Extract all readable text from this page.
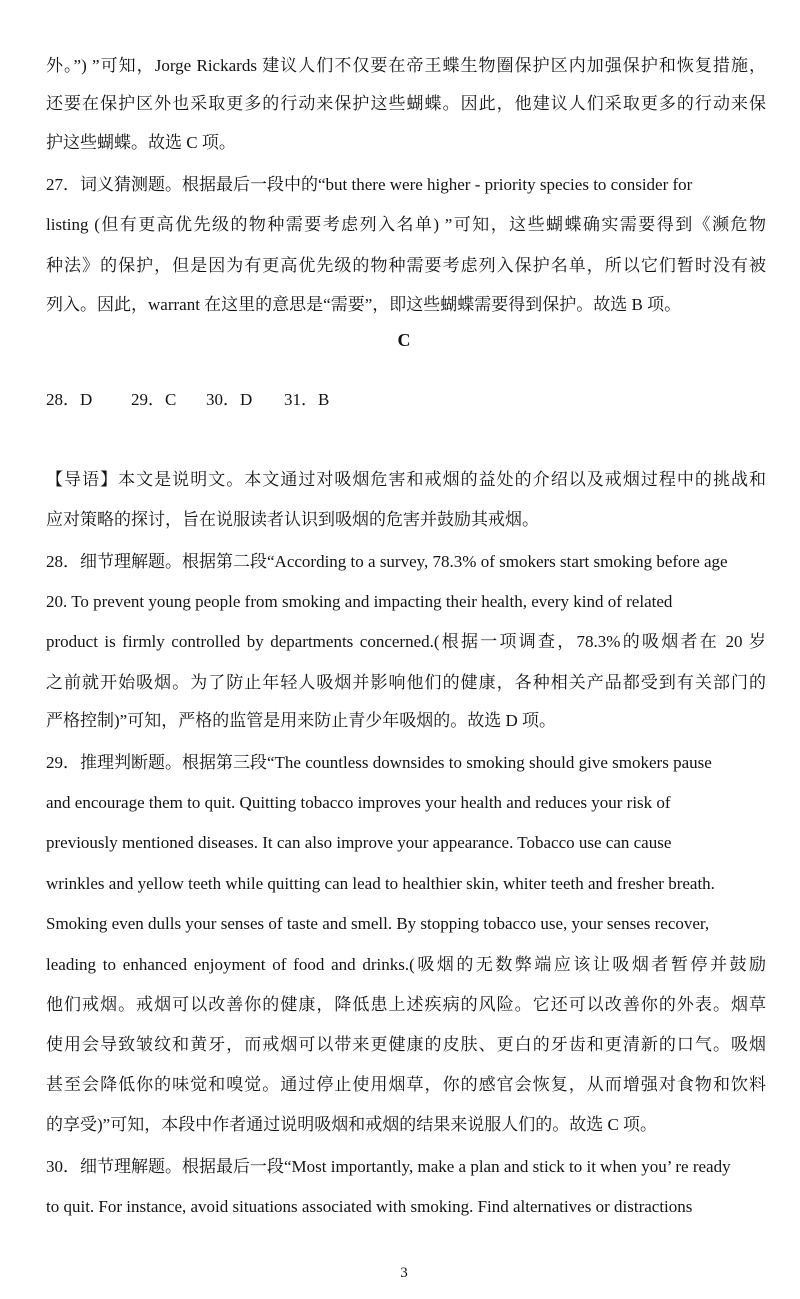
外。”) ”可知，Jorge Rickards 建议人们不仅要在帝王蝶生物圈保护区内加强保护和恢复措施，
还要在保护区外也采取更多的行动来保护这些蝴蝶。因此，他建议人们采取更多的行动来保
护这些蝴蝶。故选 C 项。
27．词义猜测题。根据最后一段中的“but there were higher - priority species to consider for
listing (但有更高优先级的物种需要考虑列入名单) ”可知，这些蝴蝶确实需要得到《濒危物
种法》的保护，但是因为有更高优先级的物种需要考虑列入保护名单，所以它们暂时没有被
列入。因此，warrant 在这里的意思是“需要”，即这些蝴蝶需要得到保护。故选 B 项。
C
28．D 29．C 30．D 31．B
【导语】本文是说明文。本文通过对吸烟危害和戒烟的益处的介绍以及戒烟过程中的挑战和
应对策略的探讨，旨在说服读者认识到吸烟的危害并鼓励其戒烟。
28．细节理解题。根据第二段“According to a survey, 78.3% of smokers start smoking before age
20. To prevent young people from smoking and impacting their health, every kind of related
product is firmly controlled by departments concerned.(根据一项调查，78.3%的吸烟者在 20 岁
之前就开始吸烟。为了防止年轻人吸烟并影响他们的健康，各种相关产品都受到有关部门的
严格控制)”可知，严格的监管是用来防止青少年吸烟的。故选 D 项。
29．推理判断题。根据第三段“The countless downsides to smoking should give smokers pause
and encourage them to quit. Quitting tobacco improves your health and reduces your risk of
previously mentioned diseases. It can also improve your appearance. Tobacco use can cause
wrinkles and yellow teeth while quitting can lead to healthier skin, whiter teeth and fresher breath.
Smoking even dulls your senses of taste and smell. By stopping tobacco use, your senses recover,
leading to enhanced enjoyment of food and drinks.(吸烟的无数弊端应该让吸烟者暂停并鼓励
他们戒烟。戒烟可以改善你的健康，降低患上述疾病的风险。它还可以改善你的外表。烟草
使用会导致皱纹和黄牙，而戒烟可以带来更健康的皮肤、更白的牙齿和更清新的口气。吸烟
甚至会降低你的味觉和嗅觉。通过停止使用烟草，你的感官会恢复，从而增强对食物和饮料
的享受)”可知，本段中作者通过说明吸烟和戒烟的结果来说服人们的。故选 C 项。
30．细节理解题。根据最后一段“Most importantly, make a plan and stick to it when you’ re ready
to quit. For instance, avoid situations associated with smoking. Find alternatives or distractions
3
